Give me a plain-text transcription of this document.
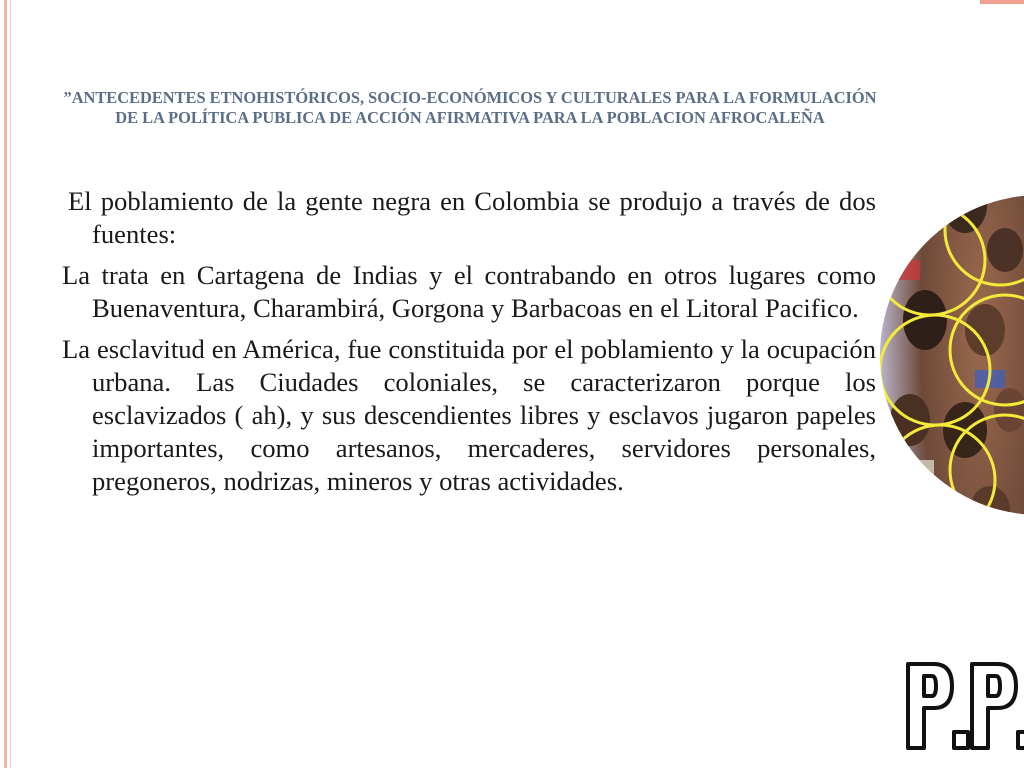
”ANTECEDENTES ETNOHISTÓRICOS, SOCIO-ECONÓMICOS Y CULTURALES PARA LA FORMULACIÓN DE LA POLÍTICA PUBLICA DE ACCIÓN AFIRMATIVA PARA LA POBLACION AFROCALEÑA

El poblamiento de la gente negra en Colombia se produjo a través de dos fuentes:

La trata en Cartagena de Indias y el contrabando en otros lugares como Buenaventura, Charambirá, Gorgona y Barbacoas en el Litoral Pacifico.

La esclavitud en América, fue constituida por el poblamiento y la ocupación urbana. Las Ciudades coloniales, se caracterizaron porque los esclavizados ( ah), y sus descendientes libres y esclavos jugaron papeles importantes, como artesanos, mercaderes, servidores personales, pregoneros, nodrizas, mineros y otras actividades.
